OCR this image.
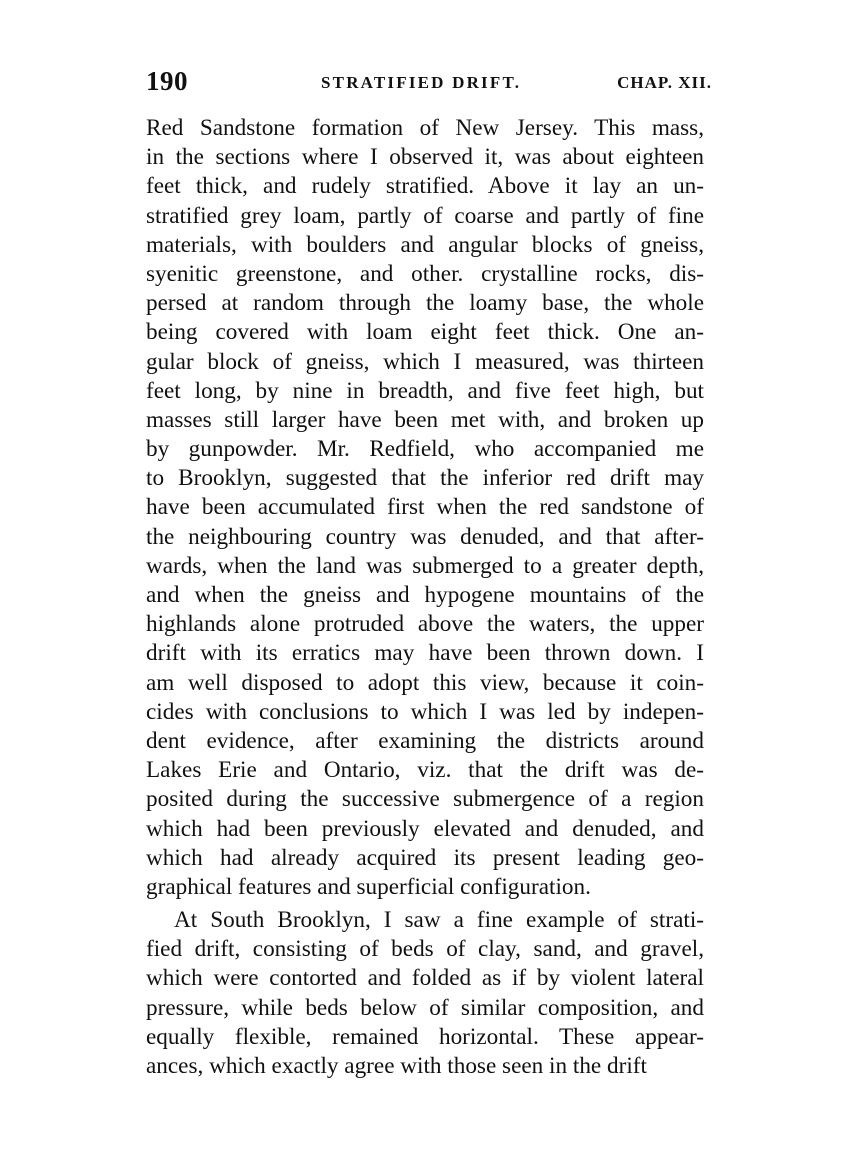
190	STRATIFIED DRIFT.	CHAP. XII.
Red Sandstone formation of New Jersey. This mass,
in the sections where I observed it, was about eighteen
feet thick, and rudely stratified. Above it lay an un-
stratified grey loam, partly of coarse and partly of fine
materials, with boulders and angular blocks of gneiss,
syenitic greenstone, and other. crystalline rocks, dis-
persed at random through the loamy base, the whole
being covered with loam eight feet thick. One an-
gular block of gneiss, which I measured, was thirteen
feet long, by nine in breadth, and five feet high, but
masses still larger have been met with, and broken up
by gunpowder. Mr. Redfield, who accompanied me
to Brooklyn, suggested that the inferior red drift may
have been accumulated first when the red sandstone of
the neighbouring country was denuded, and that after-
wards, when the land was submerged to a greater depth,
and when the gneiss and hypogene mountains of the
highlands alone protruded above the waters, the upper
drift with its erratics may have been thrown down. I
am well disposed to adopt this view, because it coin-
cides with conclusions to which I was led by indepen-
dent evidence, after examining the districts around
Lakes Erie and Ontario, viz. that the drift was de-
posited during the successive submergence of a region
which had been previously elevated and denuded, and
which had already acquired its present leading geo-
graphical features and superficial configuration.
At South Brooklyn, I saw a fine example of strati-
fied drift, consisting of beds of clay, sand, and gravel,
which were contorted and folded as if by violent lateral
pressure, while beds below of similar composition, and
equally flexible, remained horizontal. These appear-
ances, which exactly agree with those seen in the drift
